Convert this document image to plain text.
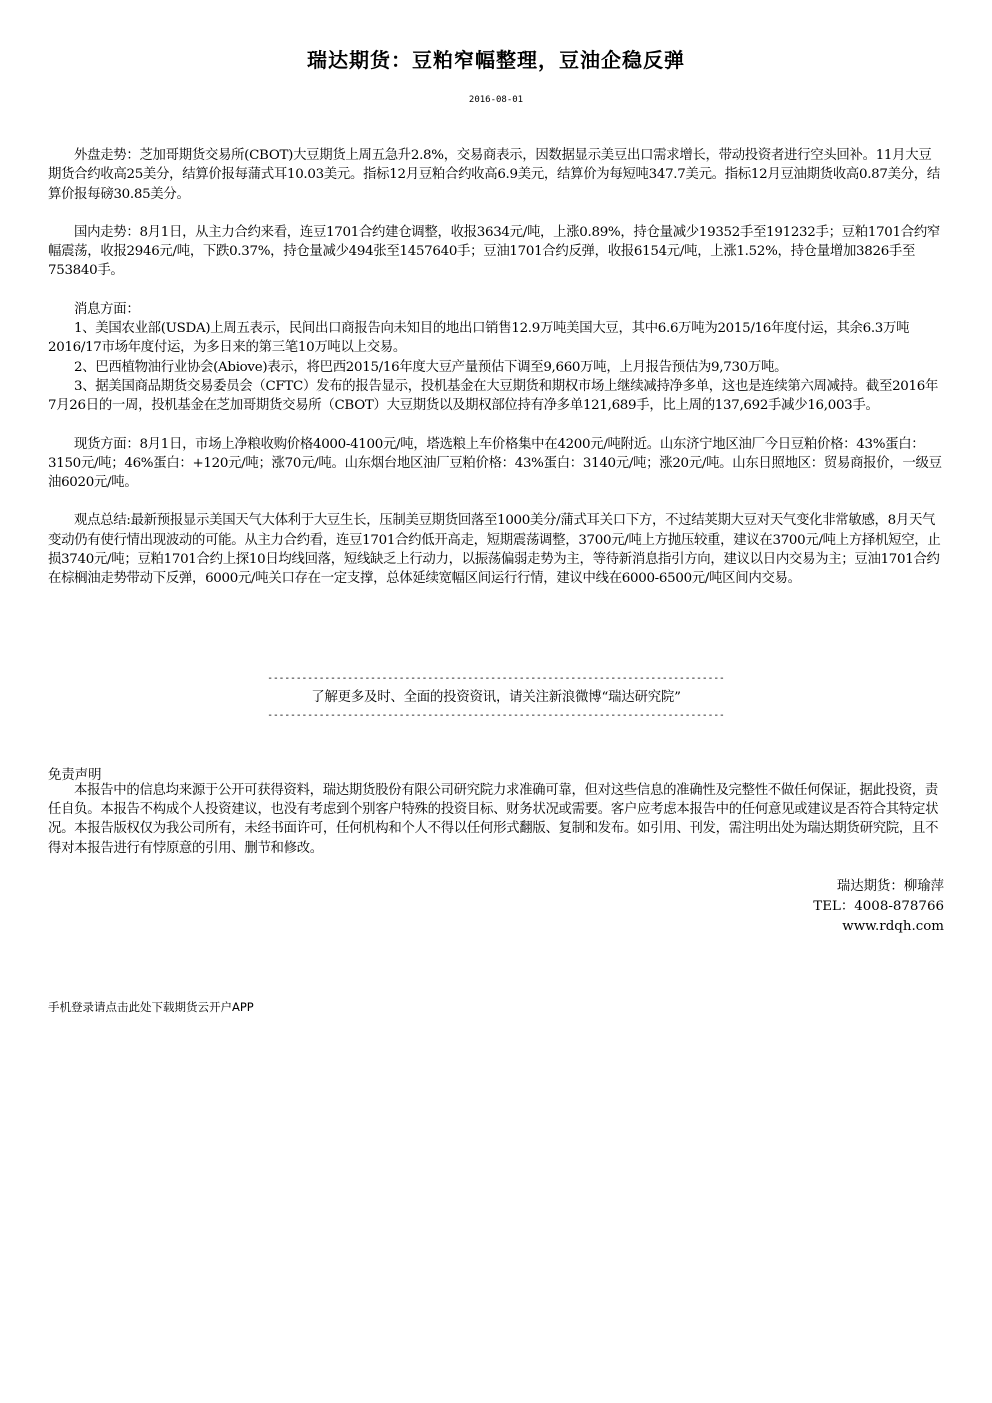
瑞达期货：豆粕窄幅整理，豆油企稳反弹
2016-08-01

外盘走势：芝加哥期货交易所(CBOT)大豆期货上周五急升2.8%，交易商表示，因数据显示美豆出口需求增长，带动投资者进行空头回补。11月大豆期货合约收高25美分，结算价报每蒲式耳10.03美元。指标12月豆粕合约收高6.9美元，结算价为每短吨347.7美元。指标12月豆油期货收高0.87美分，结算价报每磅30.85美分。

国内走势：8月1日，从主力合约来看，连豆1701合约建仓调整，收报3634元/吨，上涨0.89%，持仓量减少19352手至191232手；豆粕1701合约窄幅震荡，收报2946元/吨，下跌0.37%，持仓量减少494张至1457640手；豆油1701合约反弹，收报6154元/吨，上涨1.52%，持仓量增加3826手至753840手。

消息方面：

1、美国农业部(USDA)上周五表示，民间出口商报告向未知目的地出口销售12.9万吨美国大豆，其中6.6万吨为2015/16年度付运，其余6.3万吨2016/17市场年度付运，为多日来的第三笔10万吨以上交易。

2、巴西植物油行业协会(Abiove)表示，将巴西2015/16年度大豆产量预估下调至9,660万吨，上月报告预估为9,730万吨。

3、据美国商品期货交易委员会（CFTC）发布的报告显示，投机基金在大豆期货和期权市场上继续减持净多单，这也是连续第六周减持。截至2016年7月26日的一周，投机基金在芝加哥期货交易所（CBOT）大豆期货以及期权部位持有净多单121,689手，比上周的137,692手减少16,003手。

现货方面：8月1日，市场上净粮收购价格4000-4100元/吨，塔选粮上车价格集中在4200元/吨附近。山东济宁地区油厂今日豆粕价格：43%蛋白：3150元/吨；46%蛋白：+120元/吨；涨70元/吨。山东烟台地区油厂豆粕价格：43%蛋白：3140元/吨；涨20元/吨。山东日照地区：贸易商报价，一级豆油6020元/吨。

观点总结:最新预报显示美国天气大体利于大豆生长，压制美豆期货回落至1000美分/蒲式耳关口下方，不过结荚期大豆对天气变化非常敏感，8月天气变动仍有使行情出现波动的可能。从主力合约看，连豆1701合约低开高走，短期震荡调整，3700元/吨上方抛压较重，建议在3700元/吨上方择机短空，止损3740元/吨；豆粕1701合约上探10日均线回落，短线缺乏上行动力，以振荡偏弱走势为主，等待新消息指引方向，建议以日内交易为主；豆油1701合约在棕榈油走势带动下反弹，6000元/吨关口存在一定支撑，总体延续宽幅区间运行行情，建议中线在6000-6500元/吨区间内交易。

--------------------------------------------------------------------------------
了解更多及时、全面的投资资讯，请关注新浪微博“瑞达研究院”
--------------------------------------------------------------------------------
免责声明
本报告中的信息均来源于公开可获得资料，瑞达期货股份有限公司研究院力求准确可靠，但对这些信息的准确性及完整性不做任何保证，据此投资，责任自负。本报告不构成个人投资建议，也没有考虑到个别客户特殊的投资目标、财务状况或需要。客户应考虑本报告中的任何意见或建议是否符合其特定状况。本报告版权仅为我公司所有，未经书面许可，任何机构和个人不得以任何形式翻版、复制和发布。如引用、刊发，需注明出处为瑞达期货研究院，且不得对本报告进行有悖原意的引用、删节和修改。
瑞达期货：柳瑜萍
TEL：4008-878766
www.rdqh.com
手机登录请点击此处下载期货云开户APP
